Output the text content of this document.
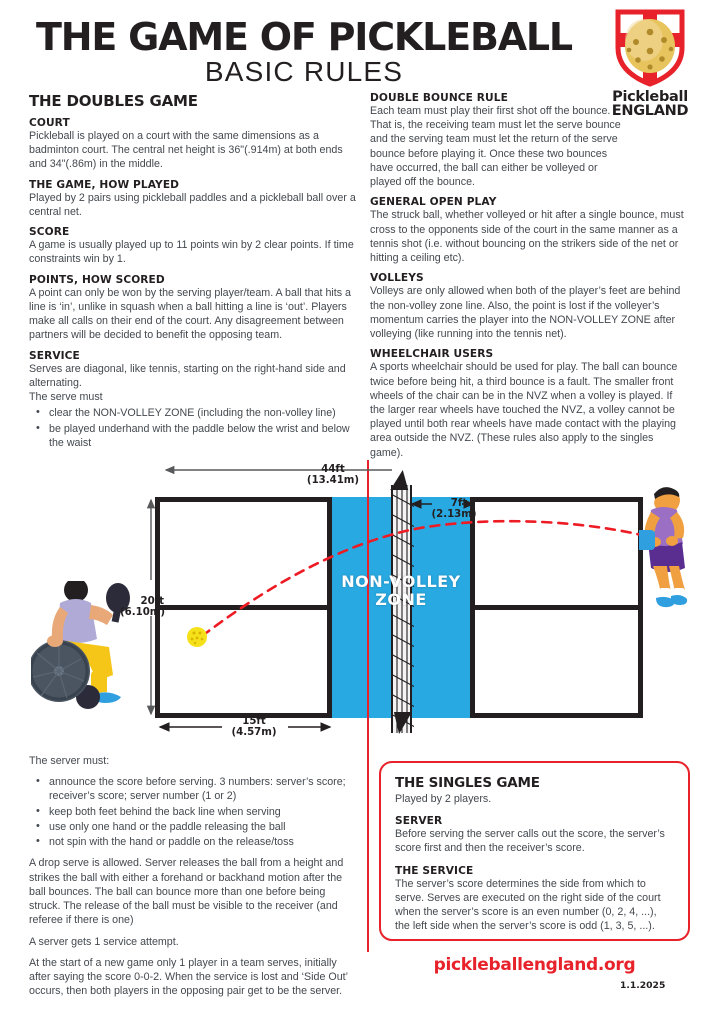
THE GAME OF PICKLEBALL
BASIC RULES
Pickleball
ENGLAND
THE DOUBLES GAME
COURT
Pickleball is played on a court with the same dimensions as a badminton court. The central net height is 36"(.914m) at both ends and 34"(.86m) in the middle.
THE GAME, HOW PLAYED
Played by 2 pairs using pickleball paddles and a pickleball ball over a central net.
SCORE
A game is usually played up to 11 points win by 2 clear points. If time constraints win by 1.
POINTS, HOW SCORED
A point can only be won by the serving player/team. A ball that hits a line is ‘in’, unlike in squash when a ball hitting a line is ‘out’. Players make all calls on their end of the court. Any disagreement between partners will be decided to benefit the opposing team.
SERVICE
Serves are diagonal, like tennis, starting on the right-hand side and alternating.
The serve must
• clear the NON-VOLLEY ZONE (including the non-volley line)
• be played underhand with the paddle below the wrist and below the waist
DOUBLE BOUNCE RULE
Each team must play their first shot off the bounce. That is, the receiving team must let the serve bounce and the serving team must let the return of the serve bounce before playing it. Once these two bounces have occurred, the ball can either be volleyed or played off the bounce.
GENERAL OPEN PLAY
The struck ball, whether volleyed or hit after a single bounce, must cross to the opponents side of the court in the same manner as a tennis shot (i.e. without bouncing on the strikers side of the net or hitting a ceiling etc).
VOLLEYS
Volleys are only allowed when both of the player’s feet are behind the non-volley zone line. Also, the point is lost if the volleyer’s momentum carries the player into the NON-VOLLEY ZONE after volleying (like running into the tennis net).
WHEELCHAIR USERS
A sports wheelchair should be used for play. The ball can bounce twice before being hit, a third bounce is a fault. The smaller front wheels of the chair can be in the NVZ when a volley is played. If the larger rear wheels have touched the NVZ, a volley cannot be played until both rear wheels have made contact with the playing area outside the NVZ. (These rules also apply to the singles game).
NON-VOLLEY
ZONE
44ft
(13.41m)
7ft
(2.13m)
20ft
(6.10m)
15ft
(4.57m)
The server must:
• announce the score before serving. 3 numbers: server’s score; receiver’s score; server number (1 or 2)
• keep both feet behind the back line when serving
• use only one hand or the paddle releasing the ball
• not spin with the hand or paddle on the release/toss
A drop serve is allowed. Server releases the ball from a height and strikes the ball with either a forehand or backhand motion after the ball bounces. The ball can bounce more than one before being struck. The release of the ball must be visible to the receiver (and referee if there is one)
A server gets 1 service attempt.
At the start of a new game only 1 player in a team serves, initially after saying the score 0-0-2. When the service is lost and ‘Side Out’ occurs, then both players in the opposing pair get to be the server.
THE SINGLES GAME
Played by 2 players.
SERVER
Before serving the server calls out the score, the server’s score first and then the receiver’s score.
THE SERVICE
The server’s score determines the side from which to serve. Serves are executed on the right side of the court when the server’s score is an even number (0, 2, 4, ...), the left side when the server’s score is odd (1, 3, 5, ...).
pickleballengland.org
1.1.2025
